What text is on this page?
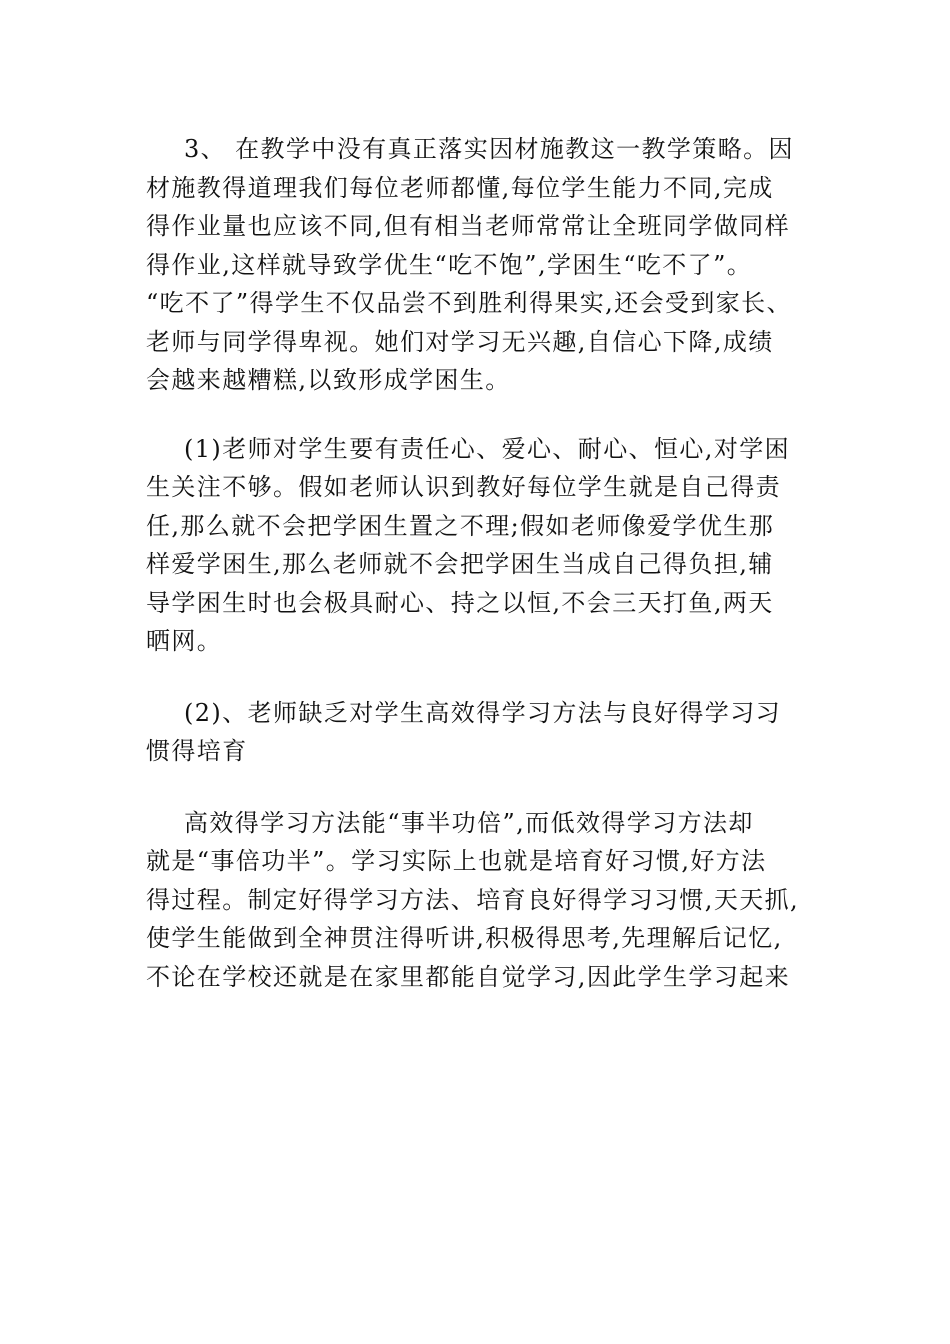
3、 在教学中没有真正落实因材施教这一教学策略。因
材施教得道理我们每位老师都懂,每位学生能力不同,完成
得作业量也应该不同,但有相当老师常常让全班同学做同样
得作业,这样就导致学优生“吃不饱”,学困生“吃不了”。
“吃不了”得学生不仅品尝不到胜利得果实,还会受到家长、
老师与同学得卑视。她们对学习无兴趣,自信心下降,成绩
会越来越糟糕,以致形成学困生。
(1)老师对学生要有责任心、爱心、耐心、恒心,对学困
生关注不够。假如老师认识到教好每位学生就是自己得责
任,那么就不会把学困生置之不理;假如老师像爱学优生那
样爱学困生,那么老师就不会把学困生当成自己得负担,辅
导学困生时也会极具耐心、持之以恒,不会三天打鱼,两天
晒网。
(2)、老师缺乏对学生高效得学习方法与良好得学习习
惯得培育
高效得学习方法能“事半功倍”,而低效得学习方法却
就是“事倍功半”。学习实际上也就是培育好习惯,好方法
得过程。制定好得学习方法、培育良好得学习习惯,天天抓,
使学生能做到全神贯注得听讲,积极得思考,先理解后记忆,
不论在学校还就是在家里都能自觉学习,因此学生学习起来
